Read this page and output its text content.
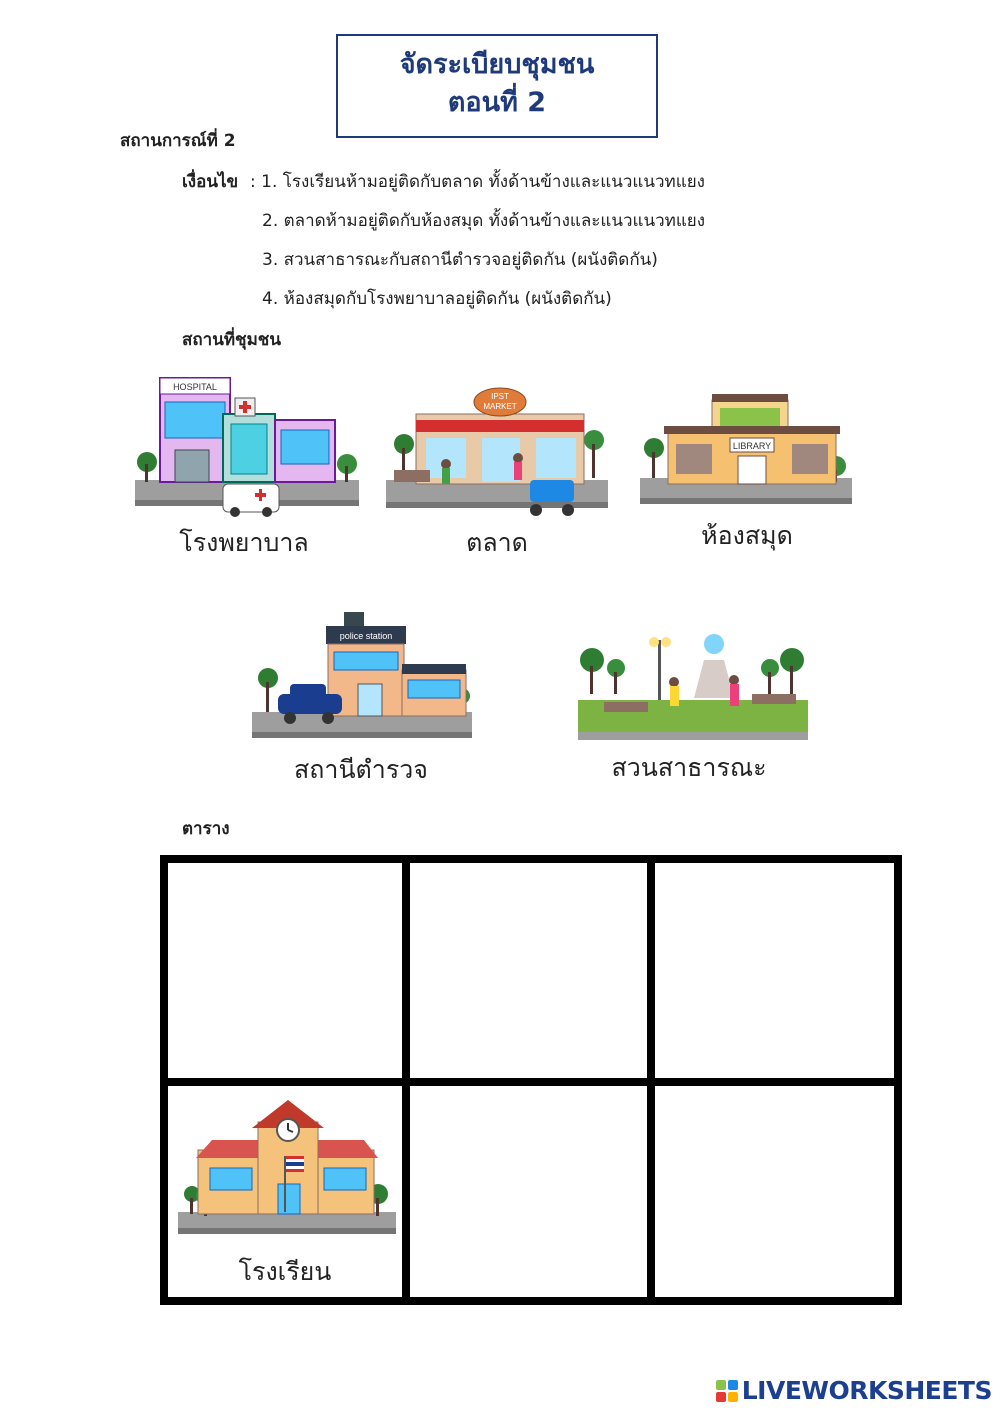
จัดระเบียบชุมชน
ตอนที่ 2
สถานการณ์ที่ 2
เงื่อนไข : 1. โรงเรียนห้ามอยู่ติดกับตลาด ทั้งด้านข้างและแนวแนวทแยง
2. ตลาดห้ามอยู่ติดกับห้องสมุด ทั้งด้านข้างและแนวแนวทแยง
3. สวนสาธารณะกับสถานีตำรวจอยู่ติดกัน (ผนังติดกัน)
4. ห้องสมุดกับโรงพยาบาลอยู่ติดกัน (ผนังติดกัน)
สถานที่ชุมชน
HOSPITAL
โรงพยาบาล
IPST
MARKET
ตลาด
LIBRARY
ห้องสมุด
police station
สถานีตำรวจ	สวนสาธารณะ
ตาราง
โรงเรียน
LIVEWORKSHEETS
